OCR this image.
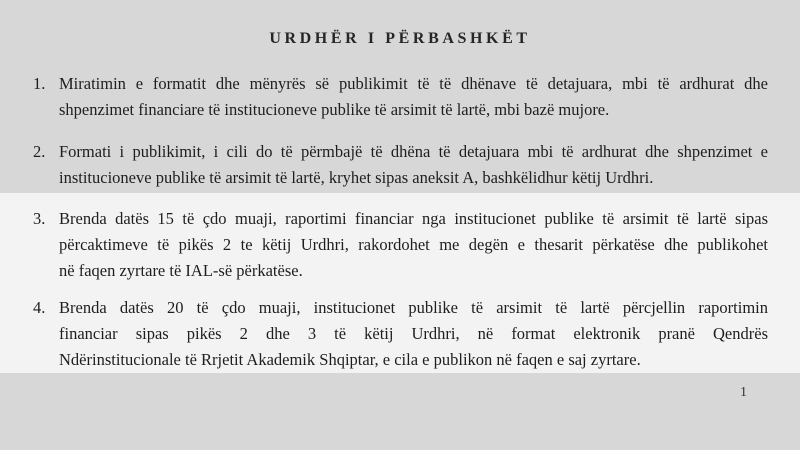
URDHËR I PËRBASHKËT
1. Miratimin e formatit dhe mënyrës së publikimit të të dhënave të detajuara, mbi të ardhurat dhe
shpenzimet financiare të institucioneve publike të arsimit të lartë, mbi bazë mujore.
2. Formati i publikimit, i cili do të përmbajë të dhëna të detajuara mbi të ardhurat dhe shpenzimet e
institucioneve publike të arsimit të lartë, kryhet sipas aneksit A, bashkëlidhur këtij Urdhri.
3. Brenda datës 15 të çdo muaji, raportimi financiar nga institucionet publike të arsimit të lartë sipas
përcaktimeve të pikës 2 te këtij Urdhri, rakordohet me degën e thesarit përkatëse dhe publikohet
në faqen zyrtare të IAL-së përkatëse.
4. Brenda datës 20 të çdo muaji, institucionet publike të arsimit të lartë përcjellin raportimin
financiar sipas pikës 2 dhe 3 të këtij Urdhri, në format elektronik pranë Qendrës
Ndërinstitucionale të Rrjetit Akademik Shqiptar, e cila e publikon në faqen e saj zyrtare.
1
